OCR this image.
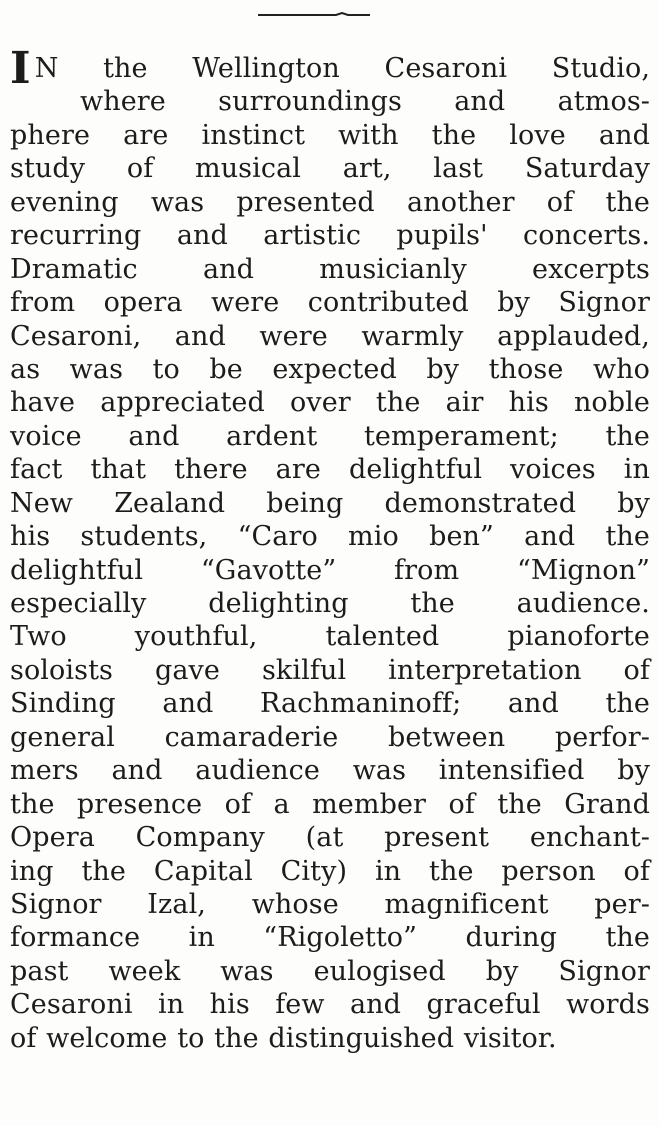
I N the Wellington Cesaroni Studio,
where surroundings and atmos-
phere are instinct with the love and
study of musical art, last Saturday
evening was presented another of the
recurring and artistic pupils' concerts.
Dramatic and musicianly excerpts
from opera were contributed by Signor
Cesaroni, and were warmly applauded,
as was to be expected by those who
have appreciated over the air his noble
voice and ardent temperament; the
fact that there are delightful voices in
New Zealand being demonstrated by
his students, “Caro mio ben” and the
delightful “Gavotte” from “Mignon”
especially delighting the audience.
Two youthful, talented pianoforte
soloists gave skilful interpretation of
Sinding and Rachmaninoff; and the
general camaraderie between perfor-
mers and audience was intensified by
the presence of a member of the Grand
Opera Company (at present enchant-
ing the Capital City) in the person of
Signor Izal, whose magnificent per-
formance in “Rigoletto” during the
past week was eulogised by Signor
Cesaroni in his few and graceful words
of welcome to the distinguished visitor.
